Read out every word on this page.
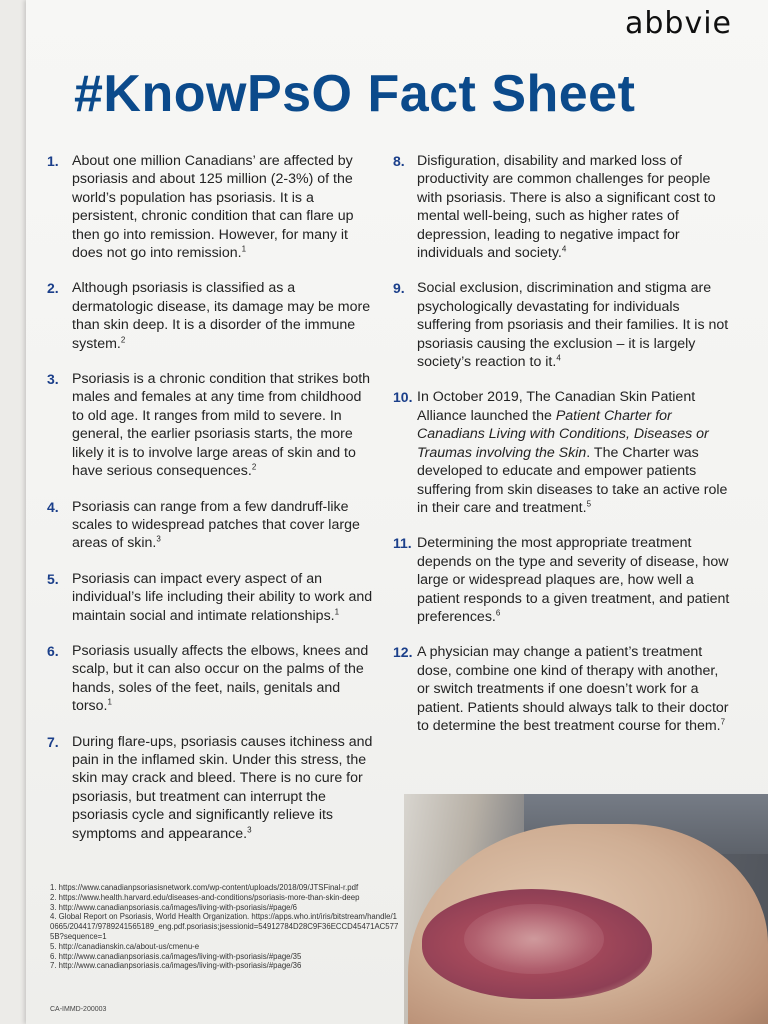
abbvie
#KnowPsO Fact Sheet
1. About one million Canadians’ are affected by psoriasis and about 125 million (2-3%) of the world’s population has psoriasis. It is a persistent, chronic condition that can flare up then go into remission. However, for many it does not go into remission.$^1$
2. Although psoriasis is classified as a dermatologic disease, its damage may be more than skin deep. It is a disorder of the immune system.$^2$
3. Psoriasis is a chronic condition that strikes both males and females at any time from childhood to old age. It ranges from mild to severe. In general, the earlier psoriasis starts, the more likely it is to involve large areas of skin and to have serious consequences.$^2$
4. Psoriasis can range from a few dandruff-like scales to widespread patches that cover large areas of skin.$^3$
5. Psoriasis can impact every aspect of an individual’s life including their ability to work and maintain social and intimate relationships.$^1$
6. Psoriasis usually affects the elbows, knees and scalp, but it can also occur on the palms of the hands, soles of the feet, nails, genitals and torso.$^1$
7. During flare-ups, psoriasis causes itchiness and pain in the inflamed skin. Under this stress, the skin may crack and bleed. There is no cure for psoriasis, but treatment can interrupt the psoriasis cycle and significantly relieve its symptoms and appearance.$^3$
8. Disfiguration, disability and marked loss of productivity are common challenges for people with psoriasis. There is also a significant cost to mental well-being, such as higher rates of depression, leading to negative impact for individuals and society.$^4$
9. Social exclusion, discrimination and stigma are psychologically devastating for individuals suffering from psoriasis and their families. It is not psoriasis causing the exclusion – it is largely society’s reaction to it.$^4$
10. In October 2019, The Canadian Skin Patient Alliance launched the Patient Charter for Canadians Living with Conditions, Diseases or Traumas involving the Skin. The Charter was developed to educate and empower patients suffering from skin diseases to take an active role in their care and treatment.$^5$
11. Determining the most appropriate treatment depends on the type and severity of disease, how large or widespread plaques are, how well a patient responds to a given treatment, and patient preferences.$^6$
12. A physician may change a patient’s treatment dose, combine one kind of therapy with another, or switch treatments if one doesn’t work for a patient. Patients should always talk to their doctor to determine the best treatment course for them.$^7$
1. https://www.canadianpsoriasisnetwork.com/wp-content/uploads/2018/09/JTSFinal-r.pdf
2. https://www.health.harvard.edu/diseases-and-conditions/psoriasis-more-than-skin-deep
3. http://www.canadianpsoriasis.ca/images/living-with-psoriasis/#page/6
4. Global Report on Psoriasis, World Health Organization. https://apps.who.int/iris/bitstream/handle/10665/204417/9789241565189_eng.pdf.psoriasis;jsessionid=54912784D28C9F36ECCD45471AC5775B?sequence=1
5. http://canadianskin.ca/about-us/cmenu-e
6. http://www.canadianpsoriasis.ca/images/living-with-psoriasis/#page/35
7. http://www.canadianpsoriasis.ca/images/living-with-psoriasis/#page/36
CA-IMMD-200003
